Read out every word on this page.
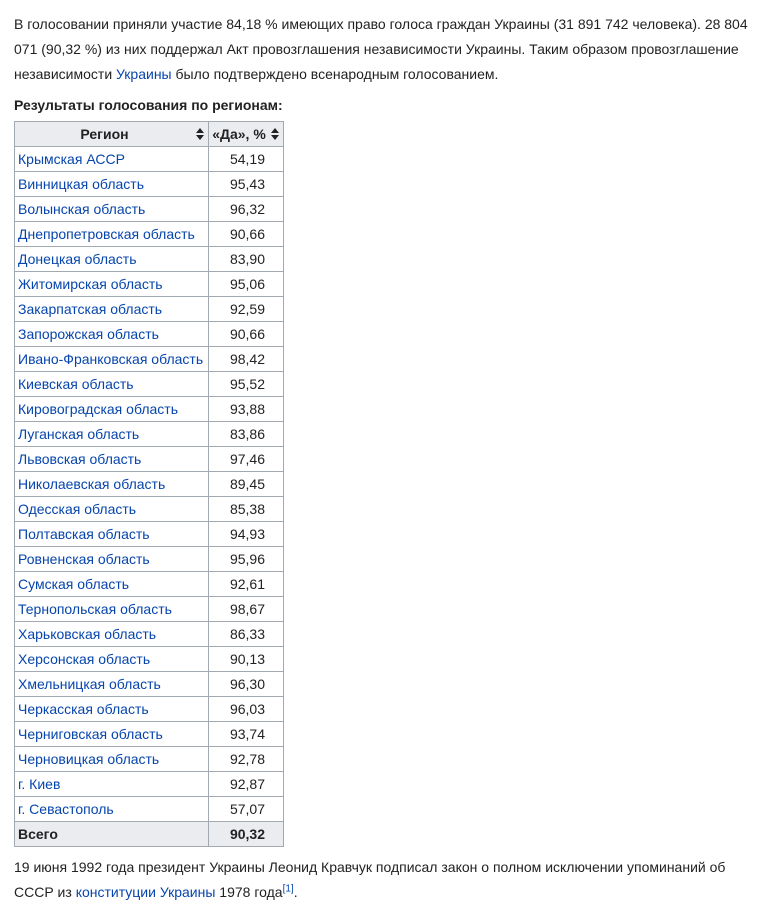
В голосовании приняли участие 84,18 % имеющих право голоса граждан Украины (31 891 742 человека). 28 804 071 (90,32 %) из них поддержал Акт провозглашения независимости Украины. Таким образом провозглашение независимости Украины было подтверждено всенародным голосованием.

Результаты голосования по регионам:

Регион	«Да», %

Крымская АССР	54,19
Винницкая область	95,43
Волынская область	96,32
Днепропетровская область	90,66
Донецкая область	83,90
Житомирская область	95,06
Закарпатская область	92,59
Запорожская область	90,66
Ивано-Франковская область	98,42
Киевская область	95,52
Кировоградская область	93,88
Луганская область	83,86
Львовская область	97,46
Николаевская область	89,45
Одесская область	85,38
Полтавская область	94,93
Ровненская область	95,96
Сумская область	92,61
Тернопольская область	98,67
Харьковская область	86,33
Херсонская область	90,13
Хмельницкая область	96,30
Черкасская область	96,03
Черниговская область	93,74
Черновицкая область	92,78
г. Киев	92,87
г. Севастополь	57,07
Всего	90,32

19 июня 1992 года президент Украины Леонид Кравчук подписал закон о полном исключении упоминаний об СССР из конституции Украины 1978 года[1].
